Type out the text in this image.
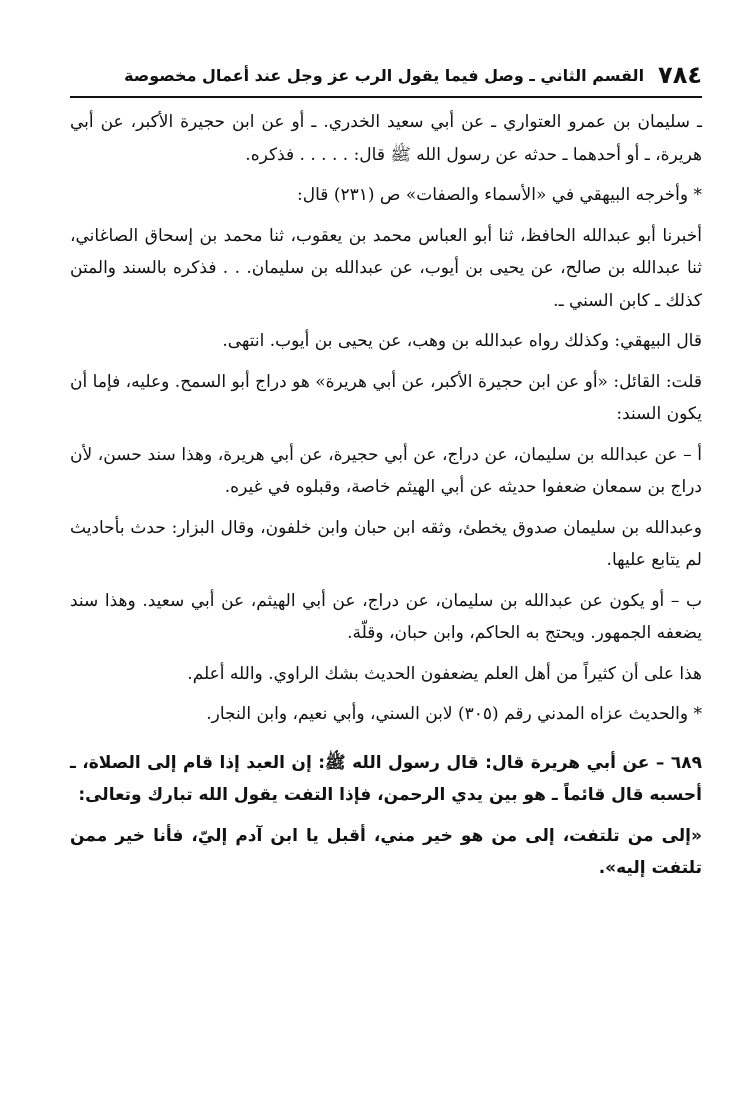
٧٨٤
القسم الثاني ـ وصل فيما يقول الرب عز وجل عند أعمال مخصوصة

ـ سليمان بن عمرو العتواري ـ عن أبي سعيد الخدري. ـ أو عن ابن حجيرة الأكبر، عن أبي هريرة، ـ أو أحدهما ـ حدثه عن رسول الله ﷺ قال: . . . . . فذكره.

* وأخرجه البيهقي في «الأسماء والصفات» ص (٢٣١) قال:

أخبرنا أبو عبدالله الحافظ، ثنا أبو العباس محمد بن يعقوب، ثنا محمد بن إسحاق الصاغاني، ثنا عبدالله بن صالح، عن يحيى بن أيوب، عن عبدالله بن سليمان. . . فذكره بالسند والمتن كذلك ـ كابن السني ـ.

قال البيهقي: وكذلك رواه عبدالله بن وهب، عن يحيى بن أيوب. انتهى.

قلت: القائل: «أو عن ابن حجيرة الأكبر، عن أبي هريرة» هو دراج أبو السمح. وعليه، فإما أن يكون السند:

أ – عن عبدالله بن سليمان، عن دراج، عن أبي حجيرة، عن أبي هريرة، وهذا سند حسن، لأن دراج بن سمعان ضعفوا حديثه عن أبي الهيثم خاصة، وقبلوه في غيره.

وعبدالله بن سليمان صدوق يخطئ، وثقه ابن حبان وابن خلفون، وقال البزار: حدث بأحاديث لم يتابع عليها.

ب – أو يكون عن عبدالله بن سليمان، عن دراج، عن أبي الهيثم، عن أبي سعيد. وهذا سند يضعفه الجمهور. ويحتج به الحاكم، وابن حبان، وقلّة.

هذا على أن كثيراً من أهل العلم يضعفون الحديث بشك الراوي. والله أعلم.

* والحديث عزاه المدني رقم (٣٠٥) لابن السني، وأبي نعيم، وابن النجار.

٦٨٩ – عن أبي هريرة قال: قال رسول الله ﷺ: إن العبد إذا قام إلى الصلاة، ـ أحسبه قال قائماً ـ هو بين يدي الرحمن، فإذا التفت يقول الله تبارك وتعالى:

«إلى من تلتفت، إلى من هو خير مني، أقبل يا ابن آدم إليّ، فأنا خير ممن تلتفت إليه».
